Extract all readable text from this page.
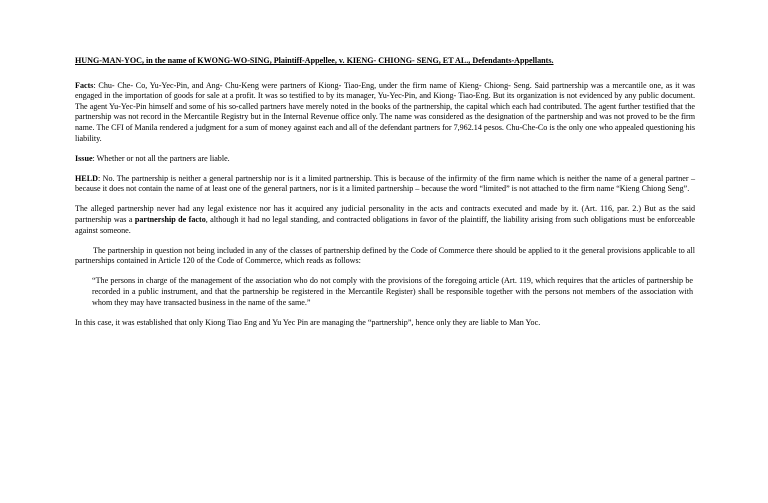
HUNG-MAN-YOC, in the name of KWONG-WO-SING, Plaintiff-Appellee, v. KIENG- CHIONG- SENG, ET AL., Defendants-Appellants.

Facts: Chu- Che- Co, Yu-Yec-Pin, and Ang- Chu-Keng were partners of Kiong- Tiao-Eng, under the firm name of Kieng- Chiong- Seng. Said partnership was a mercantile one, as it was engaged in the importation of goods for sale at a profit. It was so testified to by its manager, Yu-Yec-Pin, and Kiong- Tiao-Eng. But its organization is not evidenced by any public document. The agent Yu-Yec-Pin himself and some of his so-called partners have merely noted in the books of the partnership, the capital which each had contributed. The agent further testified that the partnership was not record in the Mercantile Registry but in the Internal Revenue office only. The name was considered as the designation of the partnership and was not proved to be the firm name. The CFI of Manila rendered a judgment for a sum of money against each and all of the defendant partners for 7,962.14 pesos. Chu-Che-Co is the only one who appealed questioning his liability.

Issue: Whether or not all the partners are liable.

HELD: No. The partnership is neither a general partnership nor is it a limited partnership. This is because of the infirmity of the firm name which is neither the name of a general partner – because it does not contain the name of at least one of the general partners, nor is it a limited partnership – because the word “limited” is not attached to the firm name “Kieng Chiong Seng”.

The alleged partnership never had any legal existence nor has it acquired any judicial personality in the acts and contracts executed and made by it. (Art. 116, par. 2.) But as the said partnership was a partnership de facto, although it had no legal standing, and contracted obligations in favor of the plaintiff, the liability arising from such obligations must be enforceable against someone.

The partnership in question not being included in any of the classes of partnership defined by the Code of Commerce there should be applied to it the general provisions applicable to all partnerships contained in Article 120 of the Code of Commerce, which reads as follows:

“The persons in charge of the management of the association who do not comply with the provisions of the foregoing article (Art. 119, which requires that the articles of partnership be recorded in a public instrument, and that the partnership be registered in the Mercantile Register) shall be responsible together with the persons not members of the association with whom they may have transacted business in the name of the same.”

In this case, it was established that only Kiong Tiao Eng and Yu Yec Pin are managing the “partnership”, hence only they are liable to Man Yoc.
